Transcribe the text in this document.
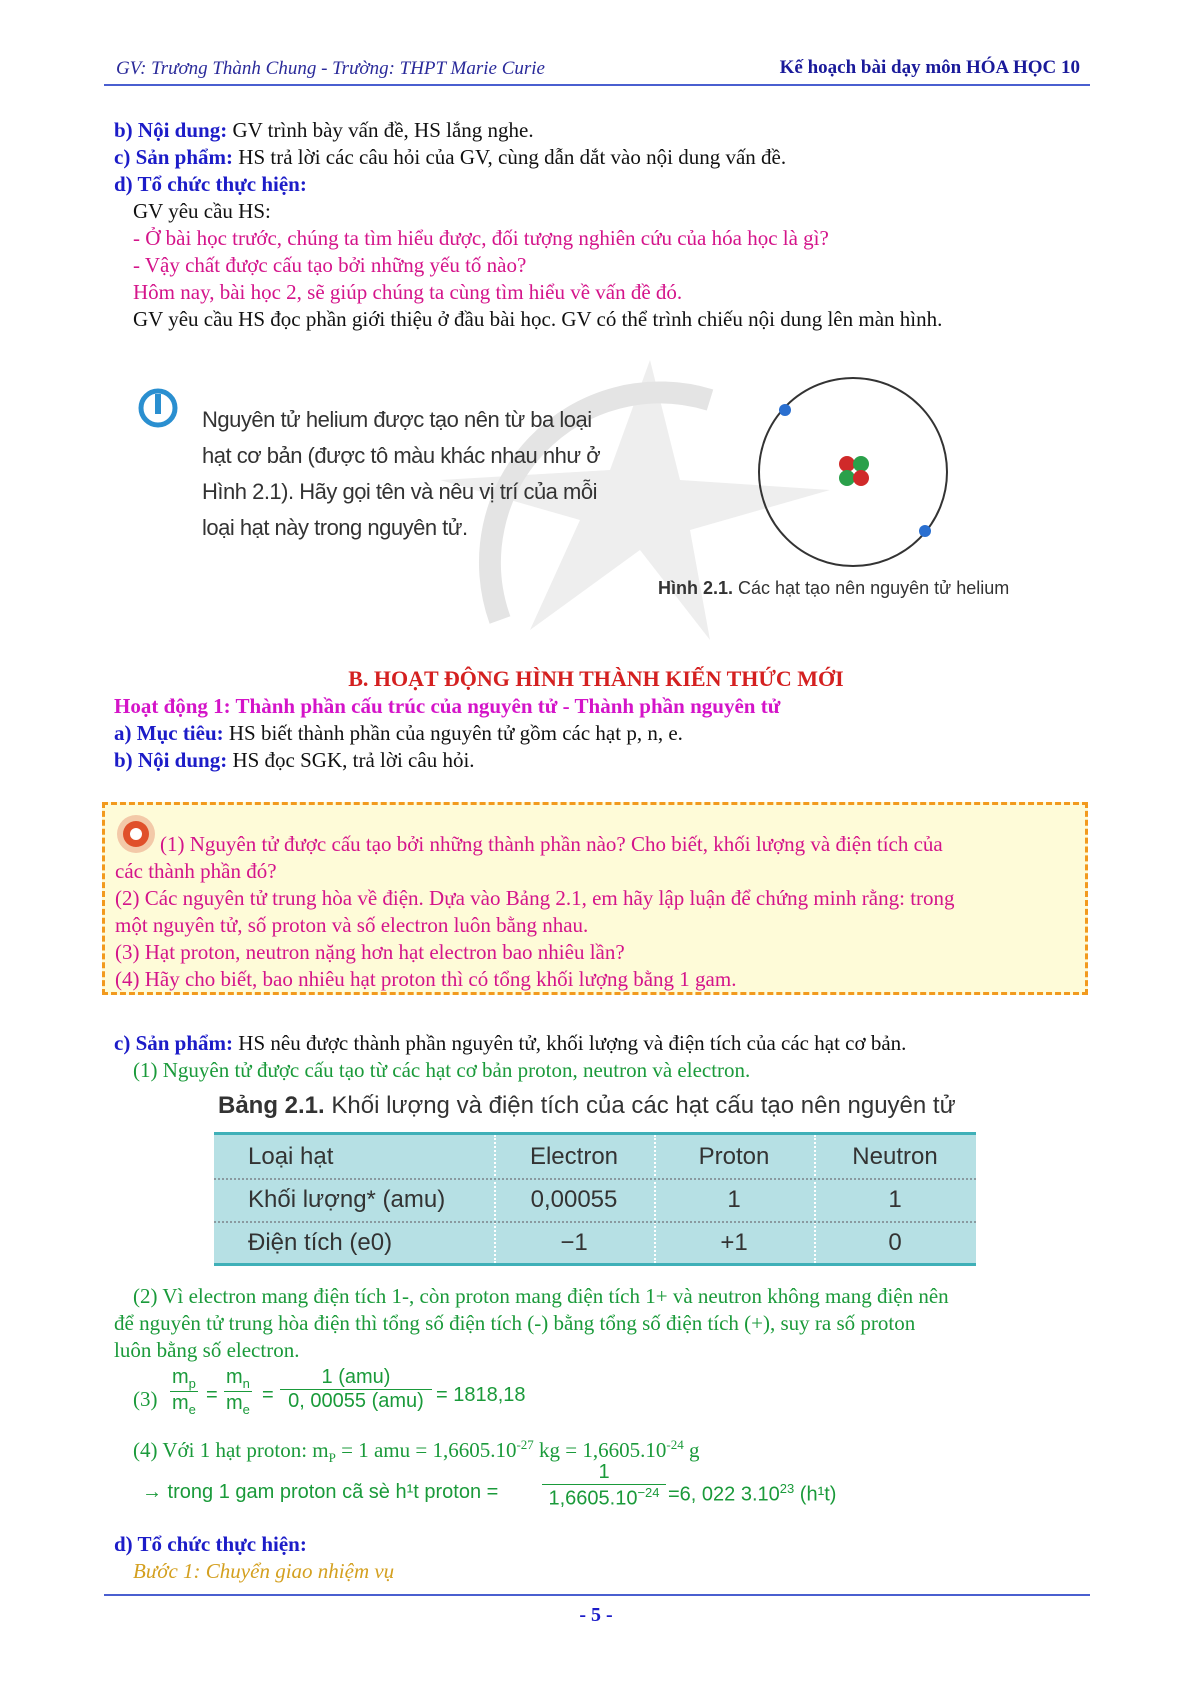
GV: Trương Thành Chung - Trường: THPT Marie Curie	Kế hoạch bài dạy môn HÓA HỌC 10
b) Nội dung: GV trình bày vấn đề, HS lắng nghe.
c) Sản phẩm: HS trả lời các câu hỏi của GV, cùng dẫn dắt vào nội dung vấn đề.
d) Tổ chức thực hiện:
GV yêu cầu HS:
- Ở bài học trước, chúng ta tìm hiểu được, đối tượng nghiên cứu của hóa học là gì?
- Vậy chất được cấu tạo bởi những yếu tố nào?
Hôm nay, bài học 2, sẽ giúp chúng ta cùng tìm hiểu về vấn đề đó.
GV yêu cầu HS đọc phần giới thiệu ở đầu bài học. GV có thể trình chiếu nội dung lên màn hình.
Nguyên tử helium được tạo nên từ ba loại hạt cơ bản (được tô màu khác nhau như ở Hình 2.1). Hãy gọi tên và nêu vị trí của mỗi loại hạt này trong nguyên tử.
Hình 2.1. Các hạt tạo nên nguyên tử helium
B. HOẠT ĐỘNG HÌNH THÀNH KIẾN THỨC MỚI
Hoạt động 1: Thành phần cấu trúc của nguyên tử - Thành phần nguyên tử
a) Mục tiêu: HS biết thành phần của nguyên tử gồm các hạt p, n, e.
b) Nội dung: HS đọc SGK, trả lời câu hỏi.
(1) Nguyên tử được cấu tạo bởi những thành phần nào? Cho biết, khối lượng và điện tích của
các thành phần đó?
(2) Các nguyên tử trung hòa về điện. Dựa vào Bảng 2.1, em hãy lập luận để chứng minh rằng: trong
một nguyên tử, số proton và số electron luôn bằng nhau.
(3) Hạt proton, neutron nặng hơn hạt electron bao nhiêu lần?
(4) Hãy cho biết, bao nhiêu hạt proton thì có tổng khối lượng bằng 1 gam.
c) Sản phẩm: HS nêu được thành phần nguyên tử, khối lượng và điện tích của các hạt cơ bản.
(1) Nguyên tử được cấu tạo từ các hạt cơ bản proton, neutron và electron.
Bảng 2.1. Khối lượng và điện tích của các hạt cấu tạo nên nguyên tử
Loại hạt	Electron	Proton	Neutron
Khối lượng* (amu)	0,00055	1	1
Điện tích (e0)	−1	+1	0
(2) Vì electron mang điện tích 1-, còn proton mang điện tích 1+ và neutron không mang điện nên
để nguyên tử trung hòa điện thì tổng số điện tích (-) bằng tổng số điện tích (+), suy ra số proton
luôn bằng số electron.
$(3) \frac{m_p}{m_e} = \frac{m_n}{m_e}$ =
1 (amu)
0, 00055 (amu) = 1818,18
(4) Với 1 hạt proton: $m_P = 1$ amu = $1,6605.10^{-27}$ kg = $1,6605.10^{-24}$ g
→ trong 1 gam proton cã sè h¹t proton = $\frac{1}{1,6605.10^{-24}} =6$, 022 3.10$^{23}$ (h¹t)
d) Tổ chức thực hiện:
Bước 1: Chuyển giao nhiệm vụ
- 5 -
